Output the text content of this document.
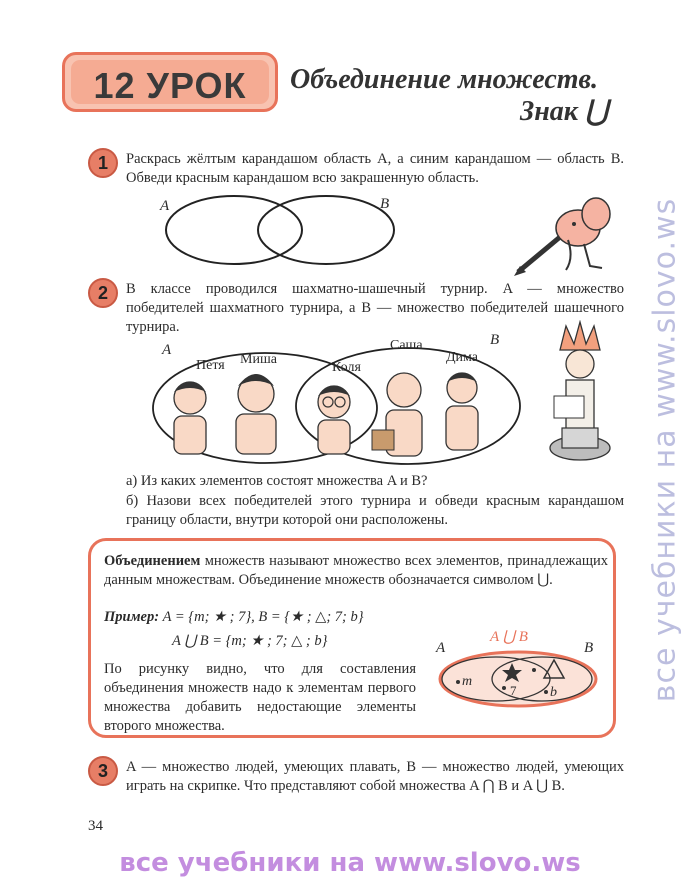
12 УРОК	Объединение множеств.
Знак ⋃
1	Раскрась жёлтым карандашом область A, а синим карандашом — область B. Обведи красным карандашом всю закрашенную область.
A	B
2	В классе проводился шахматно-шашечный турнир. A — множество победителей шахматного турнира, а B — множество победителей шашечного турнира.
A
B
Петя Миша
Коля
Саша
Дима
а) Из каких элементов состоят множества A и B?
б) Назови всех победителей этого турнира и обведи красным карандашом границу области, внутри которой они расположены.
Объединением множеств называют множество всех элементов, принадлежащих данным множествам. Объединение множеств обозначается символом ⋃.
Пример: A = {m; ★ ; 7}, B = {★ ; △; 7; b}
A ⋃ B = {m; ★ ; 7; △ ; b}
По рисунку видно, что для составления объединения множеств надо к элементам первого множества добавить недостающие элементы второго множества.
A ⋃ B
A	B
m
7 b
3	A — множество людей, умеющих плавать, B — множество людей, умеющих играть на скрипке. Что представляют собой множества A ⋂ B и A ⋃ B.
34
все учебники на www.slovo.ws
все учебники на www.slovo.ws
